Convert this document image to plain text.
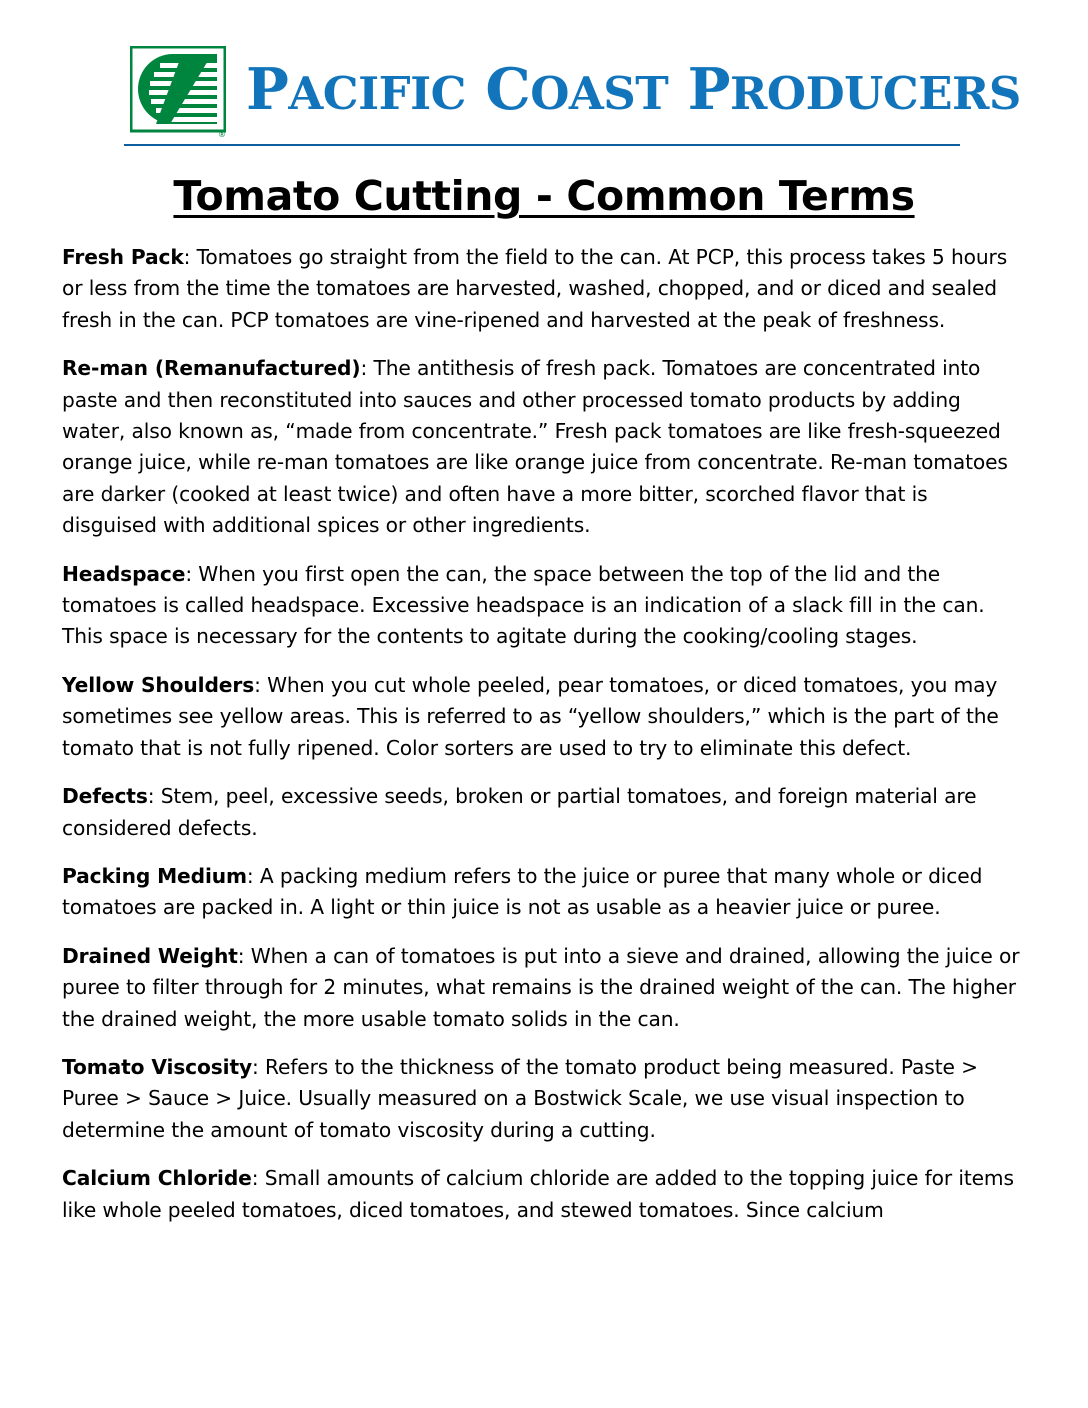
®
PACIFIC COAST PRODUCERS
Tomato Cutting - Common Terms

Fresh Pack: Tomatoes go straight from the field to the can. At PCP, this process takes 5 hours or less from the time the tomatoes are harvested, washed, chopped, and or diced and sealed fresh in the can. PCP tomatoes are vine-ripened and harvested at the peak of freshness.

Re-man (Remanufactured): The antithesis of fresh pack. Tomatoes are concentrated into paste and then reconstituted into sauces and other processed tomato products by adding water, also known as, “made from concentrate.” Fresh pack tomatoes are like fresh-squeezed orange juice, while re-man tomatoes are like orange juice from concentrate. Re-man tomatoes are darker (cooked at least twice) and often have a more bitter, scorched flavor that is disguised with additional spices or other ingredients.

Headspace: When you first open the can, the space between the top of the lid and the tomatoes is called headspace. Excessive headspace is an indication of a slack fill in the can. This space is necessary for the contents to agitate during the cooking/cooling stages.

Yellow Shoulders: When you cut whole peeled, pear tomatoes, or diced tomatoes, you may sometimes see yellow areas. This is referred to as “yellow shoulders,” which is the part of the tomato that is not fully ripened. Color sorters are used to try to eliminate this defect.

Defects: Stem, peel, excessive seeds, broken or partial tomatoes, and foreign material are considered defects.

Packing Medium: A packing medium refers to the juice or puree that many whole or diced tomatoes are packed in. A light or thin juice is not as usable as a heavier juice or puree.

Drained Weight: When a can of tomatoes is put into a sieve and drained, allowing the juice or puree to filter through for 2 minutes, what remains is the drained weight of the can. The higher the drained weight, the more usable tomato solids in the can.

Tomato Viscosity: Refers to the thickness of the tomato product being measured. Paste > Puree > Sauce > Juice. Usually measured on a Bostwick Scale, we use visual inspection to determine the amount of tomato viscosity during a cutting.

Calcium Chloride: Small amounts of calcium chloride are added to the topping juice for items like whole peeled tomatoes, diced tomatoes, and stewed tomatoes. Since calcium
